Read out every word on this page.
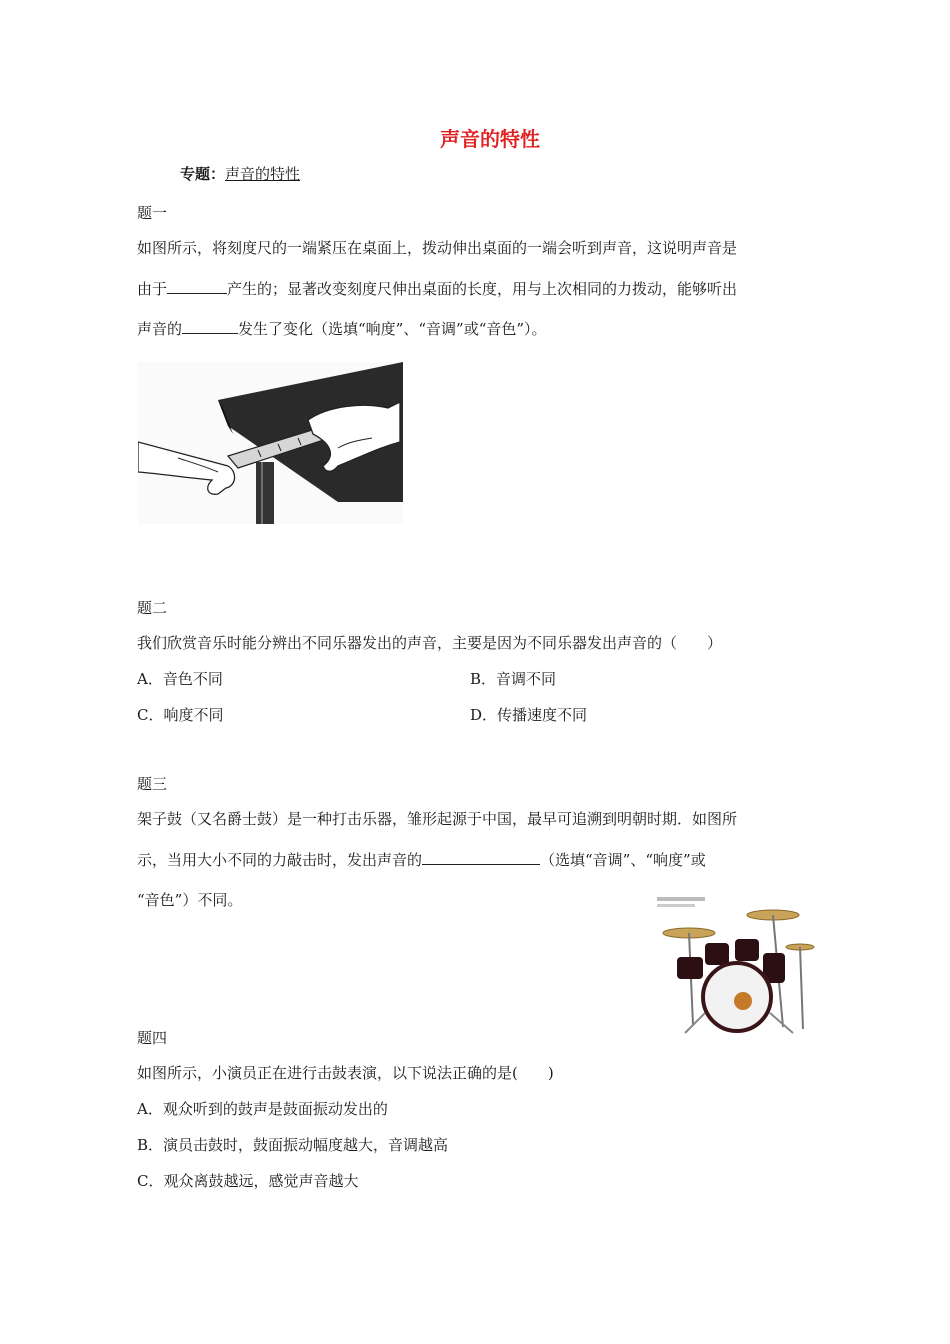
声音的特性
专题：声音的特性
题一
如图所示，将刻度尺的一端紧压在桌面上，拨动伸出桌面的一端会听到声音，这说明声音是
由于	产生的；显著改变刻度尺伸出桌面的长度，用与上次相同的力拨动，能够听出
声音的	发生了变化（选填“响度”、“音调”或“音色”）。
题二
我们欣赏音乐时能分辨出不同乐器发出的声音，主要是因为不同乐器发出声音的（　　）
A．音色不同	B．音调不同
C．响度不同	D．传播速度不同
题三
架子鼓（又名爵士鼓）是一种打击乐器，雏形起源于中国，最早可追溯到明朝时期．如图所
示，当用大小不同的力敲击时，发出声音的	（选填“音调”、“响度”或
“音色”）不同。
题四
如图所示，小演员正在进行击鼓表演，以下说法正确的是(　　)
A．观众听到的鼓声是鼓面振动发出的
B．演员击鼓时，鼓面振动幅度越大，音调越高
C．观众离鼓越远，感觉声音越大
